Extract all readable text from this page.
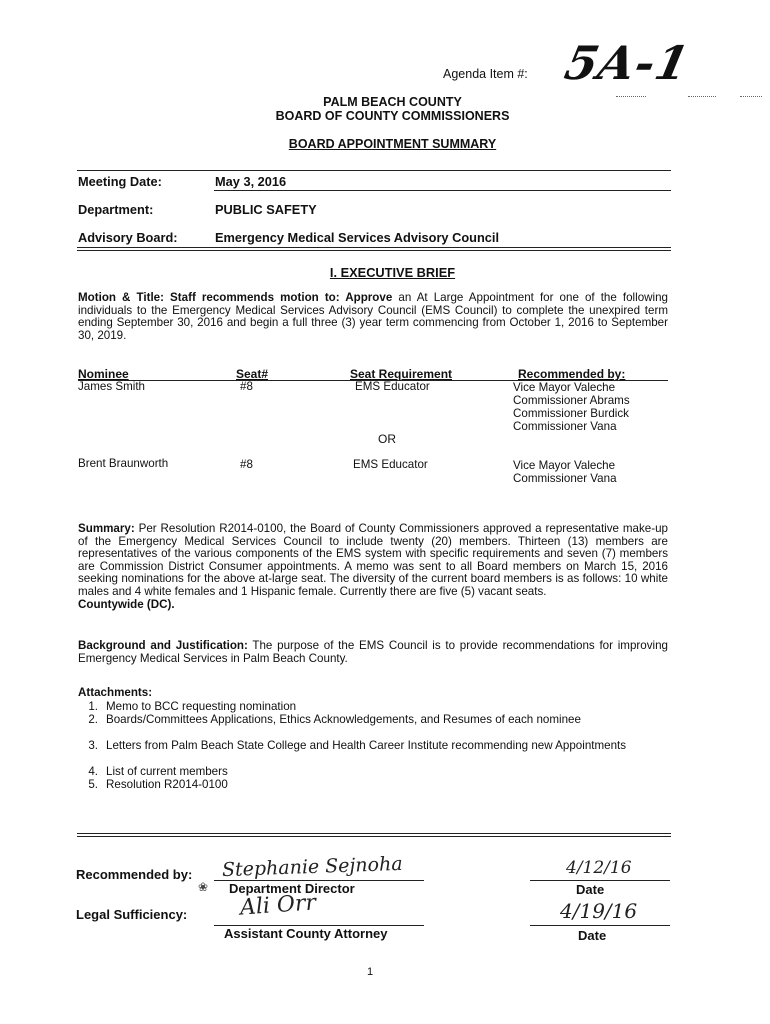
Agenda Item #: 5A-1
PALM BEACH COUNTY
BOARD OF COUNTY COMMISSIONERS
BOARD APPOINTMENT SUMMARY
Meeting Date:	May 3, 2016
Department:	PUBLIC SAFETY
Advisory Board:	Emergency Medical Services Advisory Council
I. EXECUTIVE BRIEF
Motion & Title: Staff recommends motion to: Approve an At Large Appointment for one of the following individuals to the Emergency Medical Services Advisory Council (EMS Council) to complete the unexpired term ending September 30, 2016 and begin a full three (3) year term commencing from October 1, 2016 to September 30, 2019.
Nominee	Seat#	Seat Requirement	Recommended by:
James Smith	#8	EMS Educator	Vice Mayor Valeche
Commissioner Abrams
Commissioner Burdick
Commissioner Vana
OR
Brent Braunworth	#8	EMS Educator	Vice Mayor Valeche
Commissioner Vana
Summary: Per Resolution R2014-0100, the Board of County Commissioners approved a representative make-up of the Emergency Medical Services Council to include twenty (20) members. Thirteen (13) members are representatives of the various components of the EMS system with specific requirements and seven (7) members are Commission District Consumer appointments. A memo was sent to all Board members on March 15, 2016 seeking nominations for the above at-large seat. The diversity of the current board members is as follows: 10 white males and 4 white females and 1 Hispanic female. Currently there are five (5) vacant seats.
Countywide (DC).
Background and Justification: The purpose of the EMS Council is to provide recommendations for improving Emergency Medical Services in Palm Beach County.
Attachments:
1. Memo to BCC requesting nomination
2. Boards/Committees Applications, Ethics Acknowledgements, and Resumes of each nominee
3. Letters from Palm Beach State College and Health Career Institute recommending new Appointments
4. List of current members
5. Resolution R2014-0100
Recommended by: Stephanie Sejnoha	4/12/16
❀ Department Director	Date
Legal Sufficiency: Ali Orr	4/19/16
Assistant County Attorney	Date
1
